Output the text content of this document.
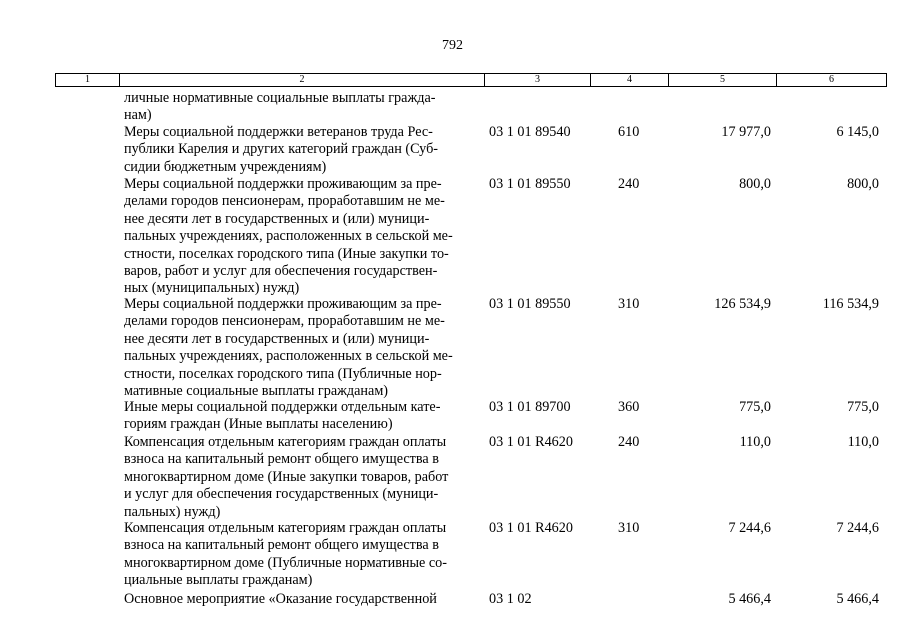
792
1	2	3	4	5	6
личные нормативные социальные выплаты гражда-
нам)
Меры социальной поддержки ветеранов труда Рес-
публики Карелия и других категорий граждан (Суб-
сидии бюджетным учреждениям)
03 1 01 89540	610	17 977,0	6 145,0
Меры социальной поддержки проживающим за пре-
делами городов пенсионерам, проработавшим не ме-
нее десяти лет в государственных и (или) муници-
пальных учреждениях, расположенных в сельской ме-
стности, поселках городского типа (Иные закупки то-
варов, работ и услуг для обеспечения государствен-
ных (муниципальных) нужд)
03 1 01 89550	240	800,0	800,0
Меры социальной поддержки проживающим за пре-
делами городов пенсионерам, проработавшим не ме-
нее десяти лет в государственных и (или) муници-
пальных учреждениях, расположенных в сельской ме-
стности, поселках городского типа (Публичные нор-
мативные социальные выплаты гражданам)
03 1 01 89550	310	126 534,9	116 534,9
Иные меры социальной поддержки отдельным кате-
гориям граждан (Иные выплаты населению)
03 1 01 89700	360	775,0	775,0
Компенсация отдельным категориям граждан оплаты
взноса на капитальный ремонт общего имущества в
многоквартирном доме (Иные закупки товаров, работ
и услуг для обеспечения государственных (муници-
пальных) нужд)
03 1 01 R4620	240	110,0	110,0
Компенсация отдельным категориям граждан оплаты
взноса на капитальный ремонт общего имущества в
многоквартирном доме (Публичные нормативные со-
циальные выплаты гражданам)
03 1 01 R4620	310	7 244,6	7 244,6
Основное мероприятие «Оказание государственной	03 1 02	5 466,4	5 466,4
